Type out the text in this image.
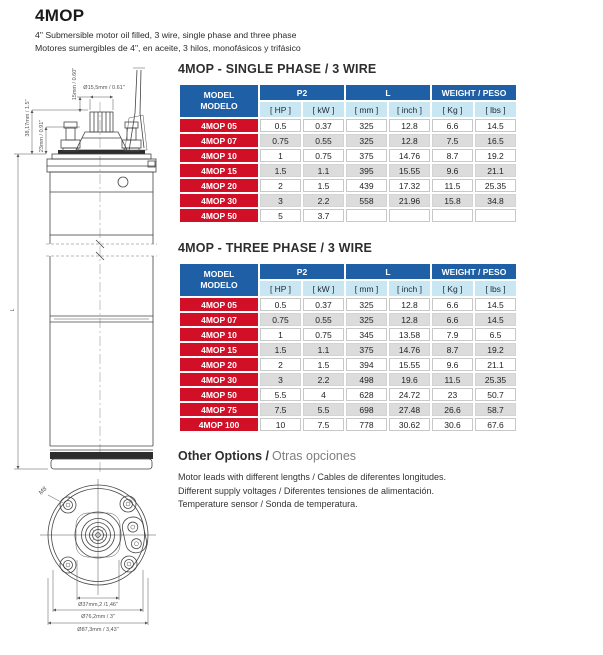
4MOP

4" Submersible motor oil filled, 3 wire, single phase and three phase

Motores sumergibles de 4", en aceite, 3 hilos, monofásicos y trifásico

L
38,17mm / 1.5" 23mm / 0.91"
15mm / 0.60" Ø15,5mm / 0.61"
M8
Ø37mm,2 /1,46"
Ø76,2mm / 3"
Ø87,3mm / 3,43"
4MOP - SINGLE PHASE / 3 WIRE
MODEL
MODELO	P2		L		WEIGHT / PESO	
	[ HP ]	[ kW ]	[ mm ]	[ inch ]	[ Kg ]	[ lbs ]
4MOP 05	0.5	0.37	325	12.8	6.6	14.5
4MOP 07	0.75	0.55	325	12.8	7.5	16.5
4MOP 10	1	0.75	375	14.76	8.7	19.2
4MOP 15	1.5	1.1	395	15.55	9.6	21.1
4MOP 20	2	1.5	439	17.32	11.5	25.35
4MOP 30	3	2.2	558	21.96	15.8	34.8
4MOP 50	5	3.7				
4MOP - THREE PHASE / 3 WIRE
MODEL
MODELO	P2		L		WEIGHT / PESO	
	[ HP ]	[ kW ]	[ mm ]	[ inch ]	[ Kg ]	[ lbs ]
4MOP 05	0.5	0.37	325	12.8	6.6	14.5
4MOP 07	0.75	0.55	325	12.8	6.6	14.5
4MOP 10	1	0.75	345	13.58	7.9	6.5
4MOP 15	1.5	1.1	375	14.76	8.7	19.2
4MOP 20	2	1.5	394	15.55	9.6	21.1
4MOP 30	3	2.2	498	19.6	11.5	25.35
4MOP 50	5.5	4	628	24.72	23	50.7
4MOP 75	7.5	5.5	698	27.48	26.6	58.7
4MOP 100	10	7.5	778	30.62	30.6	67.6
Other Options / Otras opciones
Motor leads with different lengths / Cables de diferentes longitudes.
Different supply voltages / Diferentes tensiones de alimentación.
Temperature sensor / Sonda de temperatura.
